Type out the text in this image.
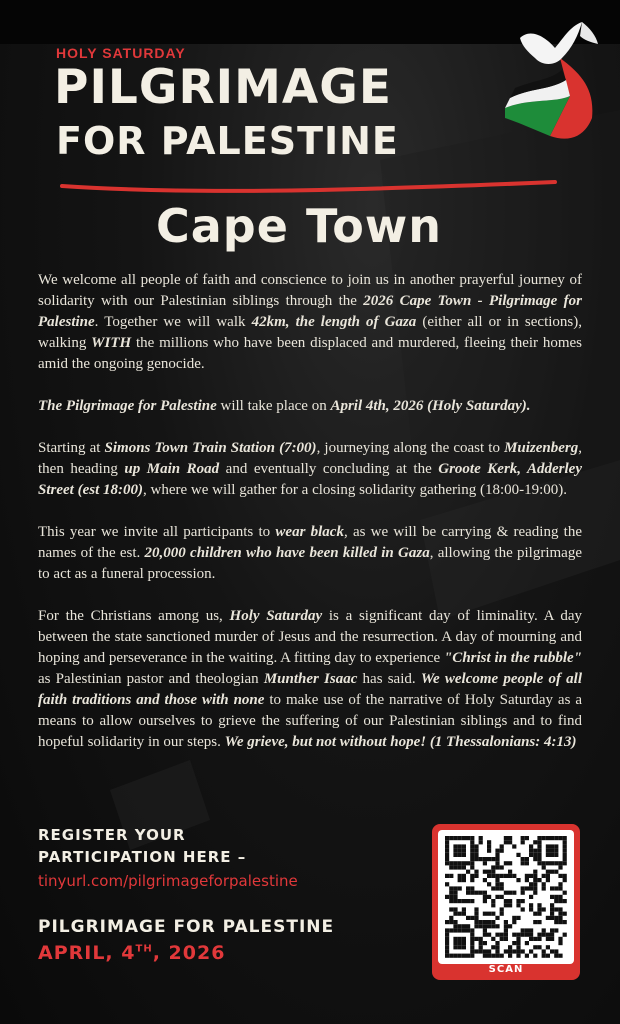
HOLY SATURDAY
PILGRIMAGE
FOR PALESTINE
Cape Town

We welcome all people of faith and conscience to join us in another prayerful journey of solidarity with our Palestinian siblings through the 2026 Cape Town - Pilgrimage for Palestine. Together we will walk 42km, the length of Gaza (either all or in sections), walking WITH the millions who have been displaced and murdered, fleeing their homes amid the ongoing genocide.

The Pilgrimage for Palestine will take place on April 4th, 2026 (Holy Saturday).

Starting at Simons Town Train Station (7:00), journeying along the coast to Muizenberg, then heading up Main Road and eventually concluding at the Groote Kerk, Adderley Street (est 18:00), where we will gather for a closing solidarity gathering (18:00-19:00).

This year we invite all participants to wear black, as we will be carrying & reading the names of the est. 20,000 children who have been killed in Gaza, allowing the pilgrimage to act as a funeral procession.

For the Christians among us, Holy Saturday is a significant day of liminality. A day between the state sanctioned murder of Jesus and the resurrection. A day of mourning and hoping and perseverance in the waiting. A fitting day to experience "Christ in the rubble" as Palestinian pastor and theologian Munther Isaac has said. We welcome people of all faith traditions and those with none to make use of the narrative of Holy Saturday as a means to allow ourselves to grieve the suffering of our Palestinian siblings and to find hopeful solidarity in our steps. We grieve, but not without hope! (1 Thessalonians: 4:13)

REGISTER YOUR
PARTICIPATION HERE –
tinyurl.com/pilgrimageforpalestine
PILGRIMAGE FOR PALESTINE
APRIL, 4TH, 2026
SCAN
